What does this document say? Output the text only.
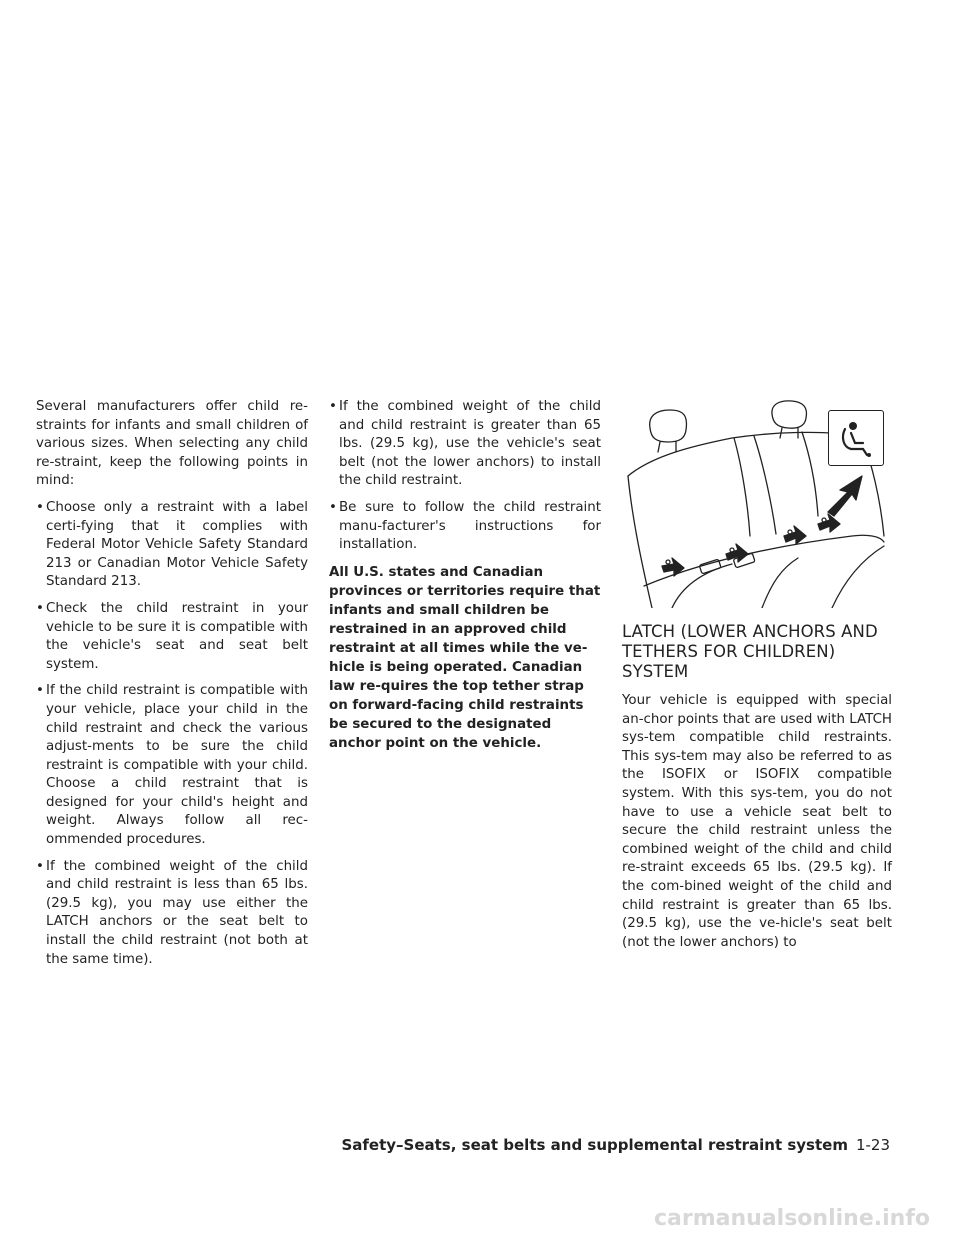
Several manufacturers offer child re-straints for infants and small children of various sizes. When selecting any child re-straint, keep the following points in mind:

• Choose only a restraint with a label certi-fying that it complies with Federal Motor Vehicle Safety Standard 213 or Canadian Motor Vehicle Safety Standard 213.
• Check the child restraint in your vehicle to be sure it is compatible with the vehicle's seat and seat belt system.
• If the child restraint is compatible with your vehicle, place your child in the child restraint and check the various adjust-ments to be sure the child restraint is compatible with your child. Choose a child restraint that is designed for your child's height and weight. Always follow all rec-ommended procedures.
• If the combined weight of the child and child restraint is less than 65 lbs. (29.5 kg), you may use either the LATCH anchors or the seat belt to install the child restraint (not both at the same time).
• If the combined weight of the child and child restraint is greater than 65 lbs. (29.5 kg), use the vehicle's seat belt (not the lower anchors) to install the child restraint.
• Be sure to follow the child restraint manu-facturer's instructions for installation.

All U.S. states and Canadian provinces or territories require that infants and small children be restrained in an approved child restraint at all times while the ve-hicle is being operated. Canadian law re-quires the top tether strap on forward-facing child restraints be secured to the designated anchor point on the vehicle.

LATCH (LOWER ANCHORS AND TETHERS FOR CHILDREN) SYSTEM

Your vehicle is equipped with special an-chor points that are used with LATCH sys-tem compatible child restraints. This sys-tem may also be referred to as the ISOFIX or ISOFIX compatible system. With this sys-tem, you do not have to use a vehicle seat belt to secure the child restraint unless the combined weight of the child and child re-straint exceeds 65 lbs. (29.5 kg). If the com-bined weight of the child and child restraint is greater than 65 lbs. (29.5 kg), use the ve-hicle's seat belt (not the lower anchors) to

Safety–Seats, seat belts and supplemental restraint system 1-23
carmanualsonline.info
